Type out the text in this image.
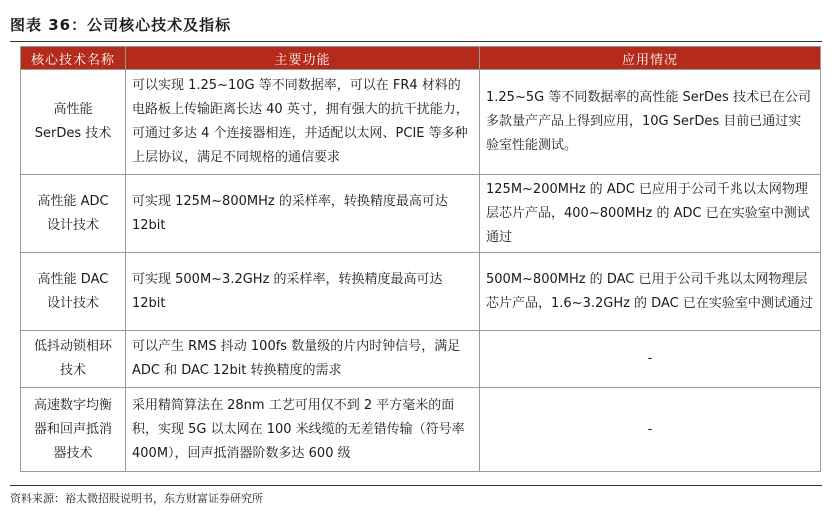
图表 36：公司核心技术及指标
核心技术名称	主要功能	应用情况

高性能
SerDes 技术	可以实现 1.25~10G 等不同数据率，可以在 FR4 材料的电路板上传输距离长达 40 英寸，拥有强大的抗干扰能力，可通过多达 4 个连接器相连，并适配以太网、PCIE 等多种上层协议，满足不同规格的通信要求	1.25~5G 等不同数据率的高性能 SerDes 技术已在公司多款量产产品上得到应用，10G SerDes 目前已通过实验室性能测试。

高性能 ADC
设计技术	可实现 125M~800MHz 的采样率，转换精度最高可达 12bit	125M~200MHz 的 ADC 已应用于公司千兆以太网物理层芯片产品，400~800MHz 的 ADC 已在实验室中测试通过

高性能 DAC
设计技术	可实现 500M~3.2GHz 的采样率，转换精度最高可达 12bit	500M~800MHz 的 DAC 已用于公司千兆以太网物理层芯片产品，1.6~3.2GHz 的 DAC 已在实验室中测试通过

低抖动锁相环
技术	可以产生 RMS 抖动 100fs 数量级的片内时钟信号，满足 ADC 和 DAC 12bit 转换精度的需求	-

高速数字均衡
器和回声抵消
器技术	采用精简算法在 28nm 工艺可用仅不到 2 平方毫米的面积，实现 5G 以太网在 100 米线缆的无差错传输（符号率 400M），回声抵消器阶数多达 600 级	-
资料来源：裕太微招股说明书，东方财富证券研究所
